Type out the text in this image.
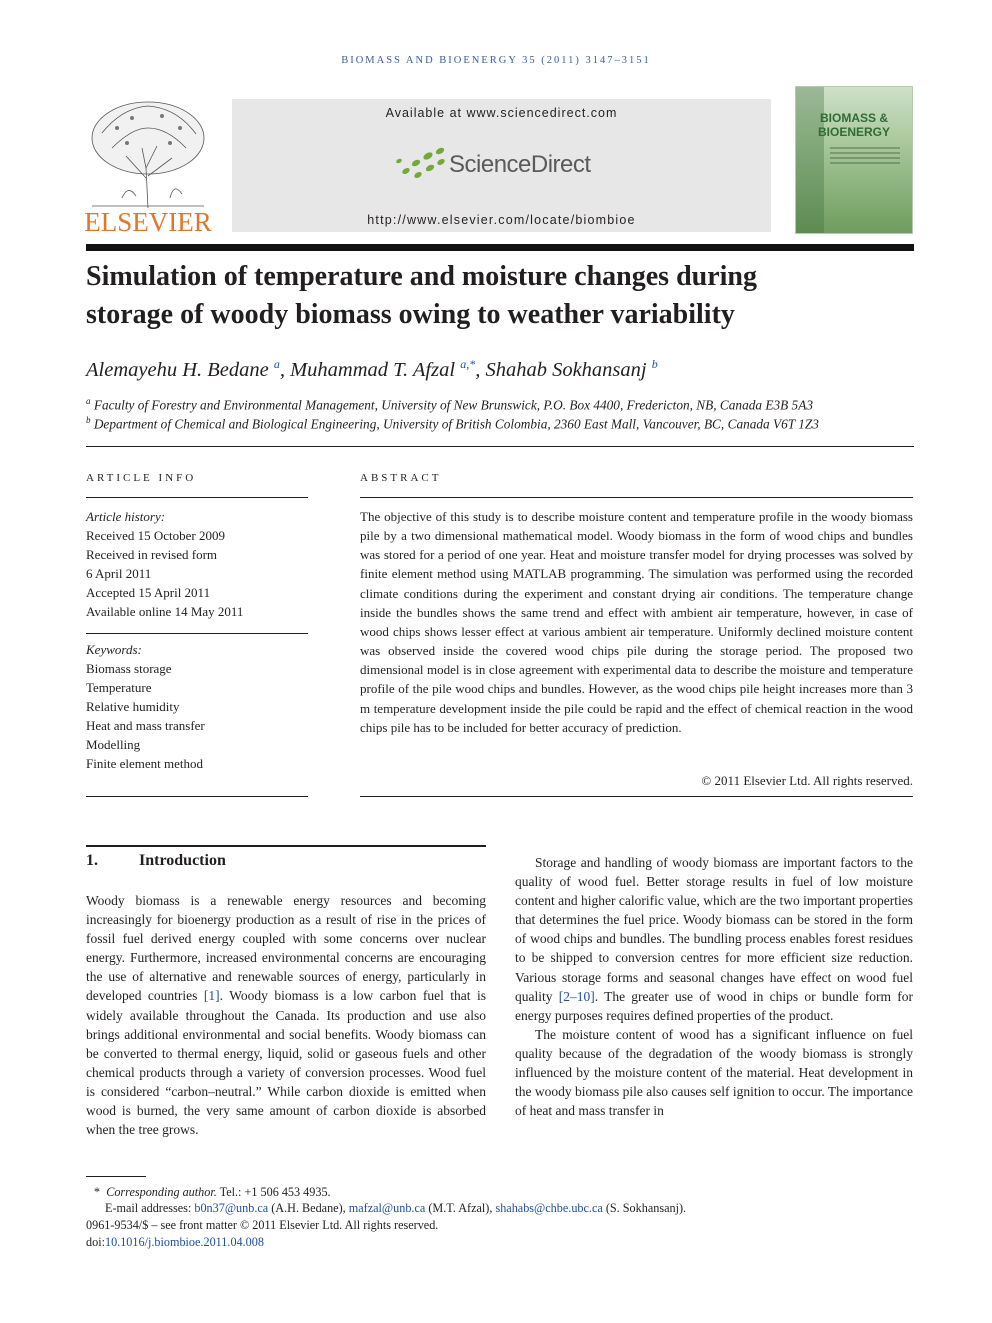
BIOMASS AND BIOENERGY 35 (2011) 3147–3151
ELSEVIER
Available at www.sciencedirect.com
ScienceDirect
http://www.elsevier.com/locate/biombioe
BIOMASS &
BIOENERGY
Simulation of temperature and moisture changes during
storage of woody biomass owing to weather variability
Alemayehu H. Bedane $^a$, Muhammad T. Afzal $^{a,*}$, Shahab Sokhansanj $^b$
$^a$ Faculty of Forestry and Environmental Management, University of New Brunswick, P.O. Box 4400, Fredericton, NB, Canada E3B 5A3
$^b$ Department of Chemical and Biological Engineering, University of British Colombia, 2360 East Mall, Vancouver, BC, Canada V6T 1Z3
ARTICLE INFO
Article history:
Received 15 October 2009
Received in revised form
6 April 2011
Accepted 15 April 2011
Available online 14 May 2011
Keywords:
Biomass storage
Temperature
Relative humidity
Heat and mass transfer
Modelling
Finite element method
ABSTRACT
The objective of this study is to describe moisture content and temperature profile in the woody biomass pile by a two dimensional mathematical model. Woody biomass in the form of wood chips and bundles was stored for a period of one year. Heat and moisture transfer model for drying processes was solved by finite element method using MATLAB programming. The simulation was performed using the recorded climate conditions during the experiment and constant drying air conditions. The temperature change inside the bundles shows the same trend and effect with ambient air temperature, however, in case of wood chips shows lesser effect at various ambient air temperature. Uniformly declined moisture content was observed inside the covered wood chips pile during the storage period. The proposed two dimensional model is in close agreement with experimental data to describe the moisture and temperature profile of the pile wood chips and bundles. However, as the wood chips pile height increases more than 3 m temperature development inside the pile could be rapid and the effect of chemical reaction in the wood chips pile has to be included for better accuracy of prediction.
© 2011 Elsevier Ltd. All rights reserved.
1.	Introduction

Woody biomass is a renewable energy resources and becoming increasingly for bioenergy production as a result of rise in the prices of fossil fuel derived energy coupled with some concerns over nuclear energy. Furthermore, increased environmental concerns are encouraging the use of alternative and renewable sources of energy, particularly in developed countries [1]. Woody biomass is a low carbon fuel that is widely available throughout the Canada. Its production and use also brings additional environmental and social benefits. Woody biomass can be converted to thermal energy, liquid, solid or gaseous fuels and other chemical products through a variety of conversion processes. Wood fuel is considered “carbon–neutral.” While carbon dioxide is emitted when wood is burned, the very same amount of carbon dioxide is absorbed when the tree grows.

Storage and handling of woody biomass are important factors to the quality of wood fuel. Better storage results in fuel of low moisture content and higher calorific value, which are the two important properties that determines the fuel price. Woody biomass can be stored in the form of wood chips and bundles. The bundling process enables forest residues to be shipped to conversion centres for more efficient size reduction. Various storage forms and seasonal changes have effect on wood fuel quality [2–10]. The greater use of wood in chips or bundle form for energy purposes requires defined properties of the product.

The moisture content of wood has a significant influence on fuel quality because of the degradation of the woody biomass is strongly influenced by the moisture content of the material. Heat development in the woody biomass pile also causes self ignition to occur. The importance of heat and mass transfer in

* Corresponding author. Tel.: +1 506 453 4935.
E-mail addresses: b0n37@unb.ca (A.H. Bedane), mafzal@unb.ca (M.T. Afzal), shahabs@chbe.ubc.ca (S. Sokhansanj).
0961-9534/$ – see front matter © 2011 Elsevier Ltd. All rights reserved.
doi:10.1016/j.biombioe.2011.04.008
